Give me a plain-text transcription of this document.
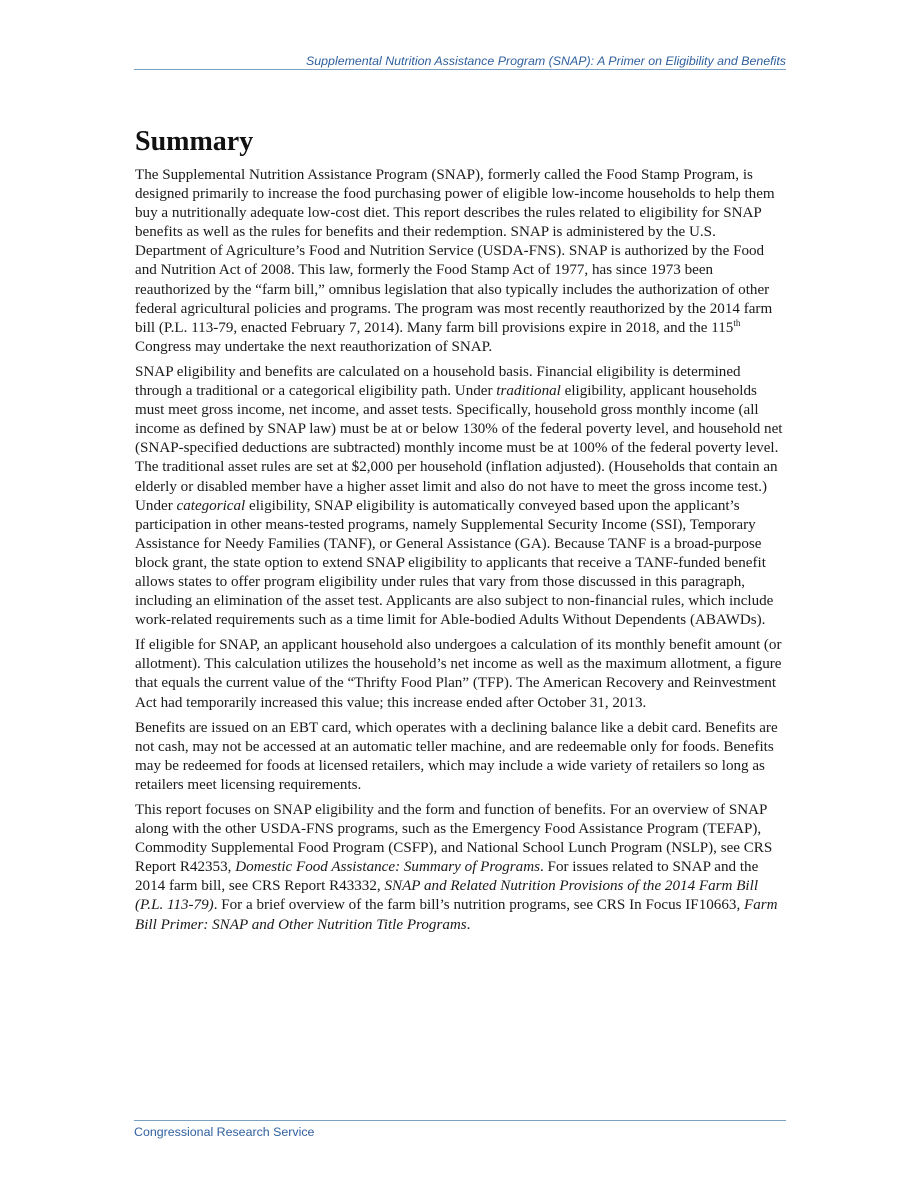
Supplemental Nutrition Assistance Program (SNAP): A Primer on Eligibility and Benefits
Summary

The Supplemental Nutrition Assistance Program (SNAP), formerly called the Food Stamp Program, is designed primarily to increase the food purchasing power of eligible low-income households to help them buy a nutritionally adequate low-cost diet. This report describes the rules related to eligibility for SNAP benefits as well as the rules for benefits and their redemption. SNAP is administered by the U.S. Department of Agriculture’s Food and Nutrition Service (USDA-FNS). SNAP is authorized by the Food and Nutrition Act of 2008. This law, formerly the Food Stamp Act of 1977, has since 1973 been reauthorized by the “farm bill,” omnibus legislation that also typically includes the authorization of other federal agricultural policies and programs. The program was most recently reauthorized by the 2014 farm bill (P.L. 113-79, enacted February 7, 2014). Many farm bill provisions expire in 2018, and the 115th Congress may undertake the next reauthorization of SNAP.

SNAP eligibility and benefits are calculated on a household basis. Financial eligibility is determined through a traditional or a categorical eligibility path. Under traditional eligibility, applicant households must meet gross income, net income, and asset tests. Specifically, household gross monthly income (all income as defined by SNAP law) must be at or below 130% of the federal poverty level, and household net (SNAP-specified deductions are subtracted) monthly income must be at 100% of the federal poverty level. The traditional asset rules are set at $2,000 per household (inflation adjusted). (Households that contain an elderly or disabled member have a higher asset limit and also do not have to meet the gross income test.) Under categorical eligibility, SNAP eligibility is automatically conveyed based upon the applicant’s participation in other means-tested programs, namely Supplemental Security Income (SSI), Temporary Assistance for Needy Families (TANF), or General Assistance (GA). Because TANF is a broad-purpose block grant, the state option to extend SNAP eligibility to applicants that receive a TANF-funded benefit allows states to offer program eligibility under rules that vary from those discussed in this paragraph, including an elimination of the asset test. Applicants are also subject to non-financial rules, which include work-related requirements such as a time limit for Able-bodied Adults Without Dependents (ABAWDs).

If eligible for SNAP, an applicant household also undergoes a calculation of its monthly benefit amount (or allotment). This calculation utilizes the household’s net income as well as the maximum allotment, a figure that equals the current value of the “Thrifty Food Plan” (TFP). The American Recovery and Reinvestment Act had temporarily increased this value; this increase ended after October 31, 2013.

Benefits are issued on an EBT card, which operates with a declining balance like a debit card. Benefits are not cash, may not be accessed at an automatic teller machine, and are redeemable only for foods. Benefits may be redeemed for foods at licensed retailers, which may include a wide variety of retailers so long as retailers meet licensing requirements.

This report focuses on SNAP eligibility and the form and function of benefits. For an overview of SNAP along with the other USDA-FNS programs, such as the Emergency Food Assistance Program (TEFAP), Commodity Supplemental Food Program (CSFP), and National School Lunch Program (NSLP), see CRS Report R42353, Domestic Food Assistance: Summary of Programs. For issues related to SNAP and the 2014 farm bill, see CRS Report R43332, SNAP and Related Nutrition Provisions of the 2014 Farm Bill (P.L. 113-79). For a brief overview of the farm bill’s nutrition programs, see CRS In Focus IF10663, Farm Bill Primer: SNAP and Other Nutrition Title Programs.

Congressional Research Service
